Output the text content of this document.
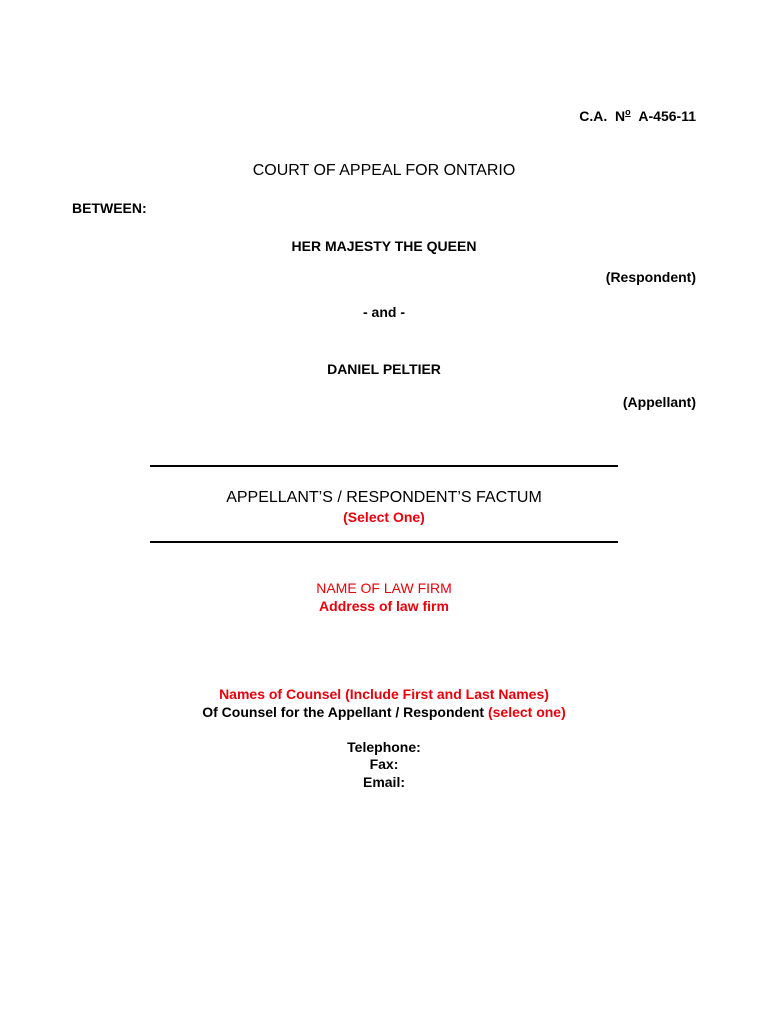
C.A. $N^o$ A-456-11
COURT OF APPEAL FOR ONTARIO
BETWEEN:
HER MAJESTY THE QUEEN
(Respondent)
- and -
DANIEL PELTIER
(Appellant)
APPELLANT’S / RESPONDENT’S FACTUM
(Select One)
NAME OF LAW FIRM
Address of law firm
Names of Counsel (Include First and Last Names)
Of Counsel for the Appellant / Respondent (select one)
Telephone:
Fax:
Email:
